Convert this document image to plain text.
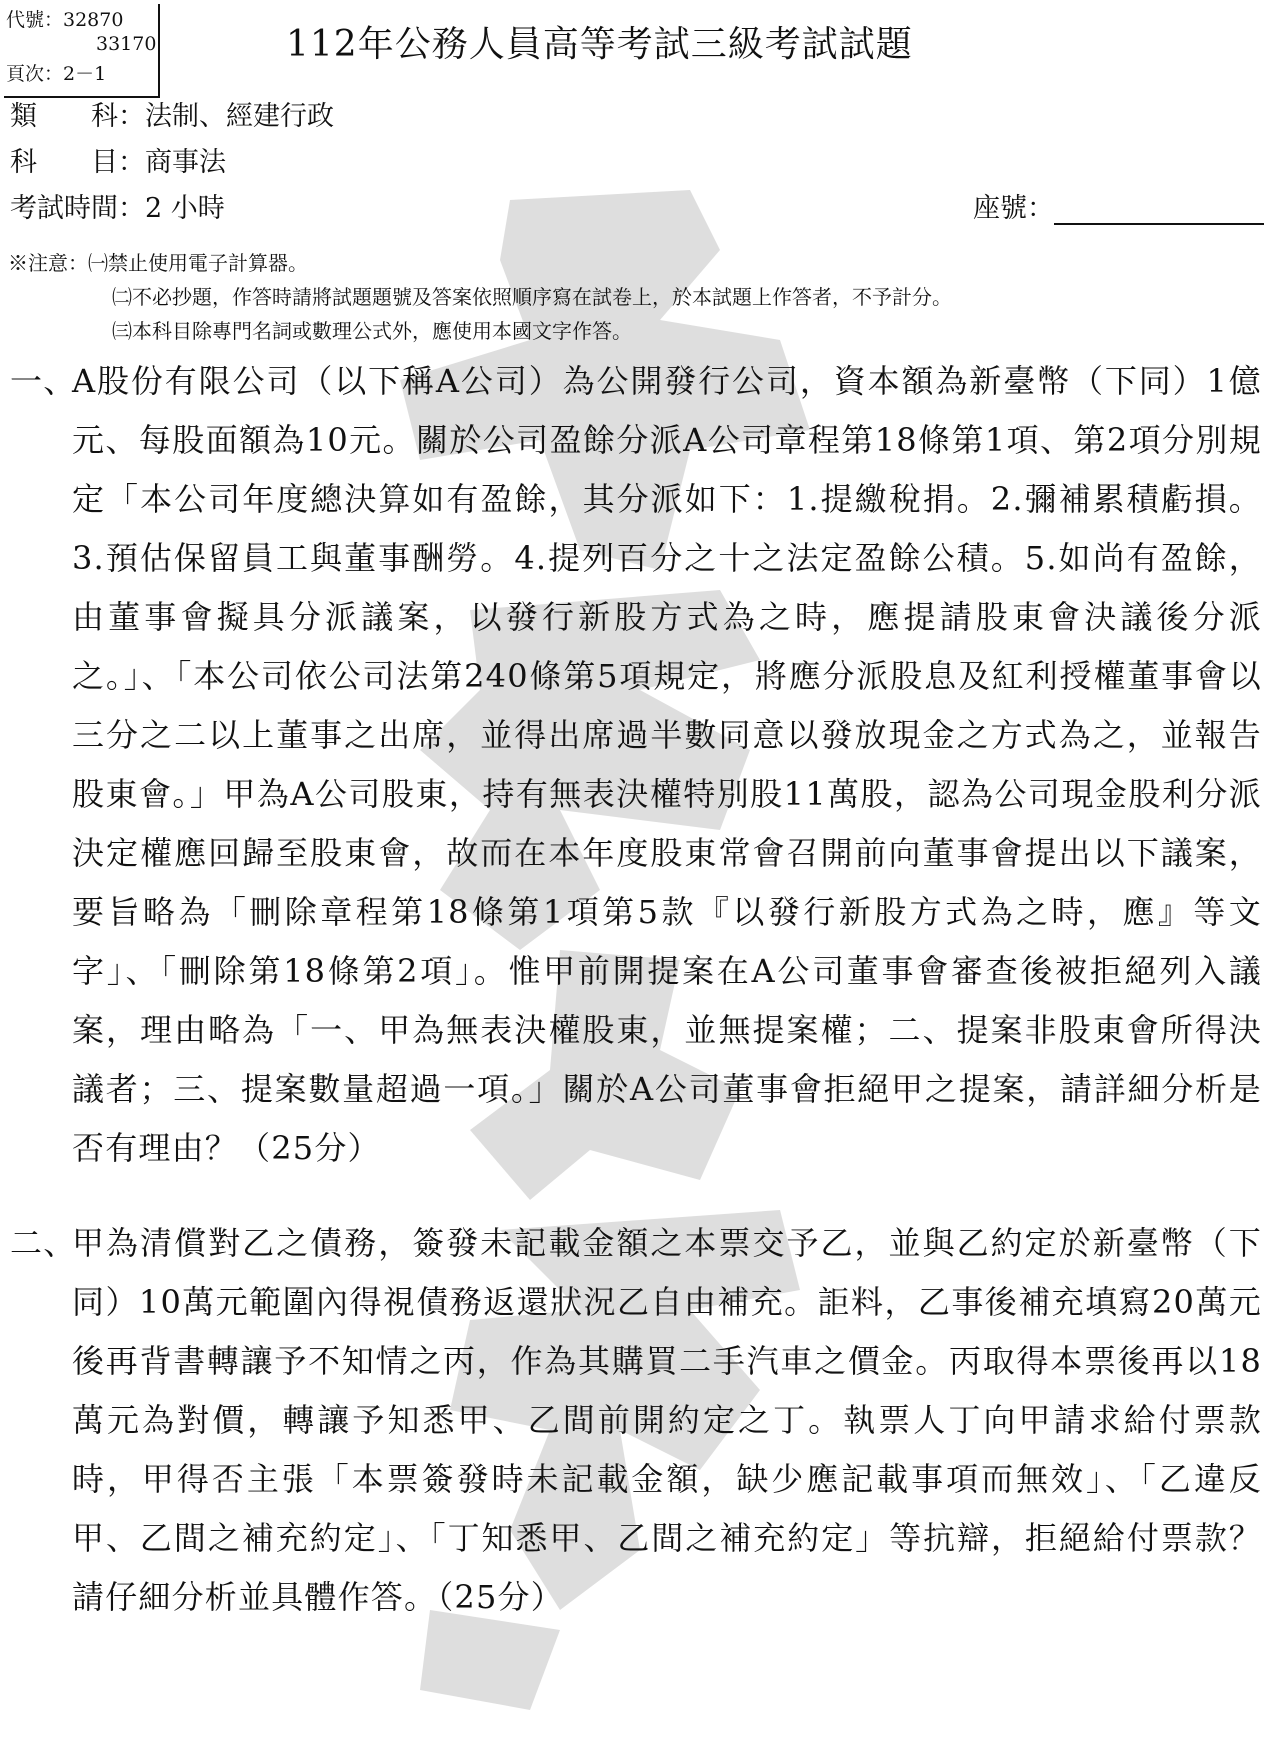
代號：32870
33170
頁次：2－1
112年公務人員高等考試三級考試試題
類　　科：法制、經建行政
科　　目：商事法
考試時間：2 小時	座號：
※注意：㈠禁止使用電子計算器。
㈡不必抄題，作答時請將試題題號及答案依照順序寫在試卷上，於本試題上作答者，不予計分。
㈢本科目除專門名詞或數理公式外，應使用本國文字作答。
一、
A股份有限公司（以下稱A公司）為公開發行公司，資本額為新臺幣（下同）1億元、每股面額為10元。關於公司盈餘分派A公司章程第18條第1項、第2項分別規定「本公司年度總決算如有盈餘，其分派如下：1.提繳稅捐。2.彌補累積虧損。3.預估保留員工與董事酬勞。4.提列百分之十之法定盈餘公積。5.如尚有盈餘，由董事會擬具分派議案，以發行新股方式為之時，應提請股東會決議後分派之。」、「本公司依公司法第240條第5項規定，將應分派股息及紅利授權董事會以三分之二以上董事之出席，並得出席過半數同意以發放現金之方式為之，並報告股東會。」甲為A公司股東，持有無表決權特別股11萬股，認為公司現金股利分派決定權應回歸至股東會，故而在本年度股東常會召開前向董事會提出以下議案，要旨略為「刪除章程第18條第1項第5款『以發行新股方式為之時，應』等文字」、「刪除第18條第2項」。惟甲前開提案在A公司董事會審查後被拒絕列入議案，理由略為「一、甲為無表決權股東，並無提案權；二、提案非股東會所得決議者；三、提案數量超過一項。」關於A公司董事會拒絕甲之提案，請詳細分析是否有理由？（25分）
二、
甲為清償對乙之債務，簽發未記載金額之本票交予乙，並與乙約定於新臺幣（下同）10萬元範圍內得視債務返還狀況乙自由補充。詎料，乙事後補充填寫20萬元後再背書轉讓予不知情之丙，作為其購買二手汽車之價金。丙取得本票後再以18萬元為對價，轉讓予知悉甲、乙間前開約定之丁。執票人丁向甲請求給付票款時，甲得否主張「本票簽發時未記載金額，缺少應記載事項而無效」、「乙違反甲、乙間之補充約定」、「丁知悉甲、乙間之補充約定」等抗辯，拒絕給付票款？請仔細分析並具體作答。（25分）
